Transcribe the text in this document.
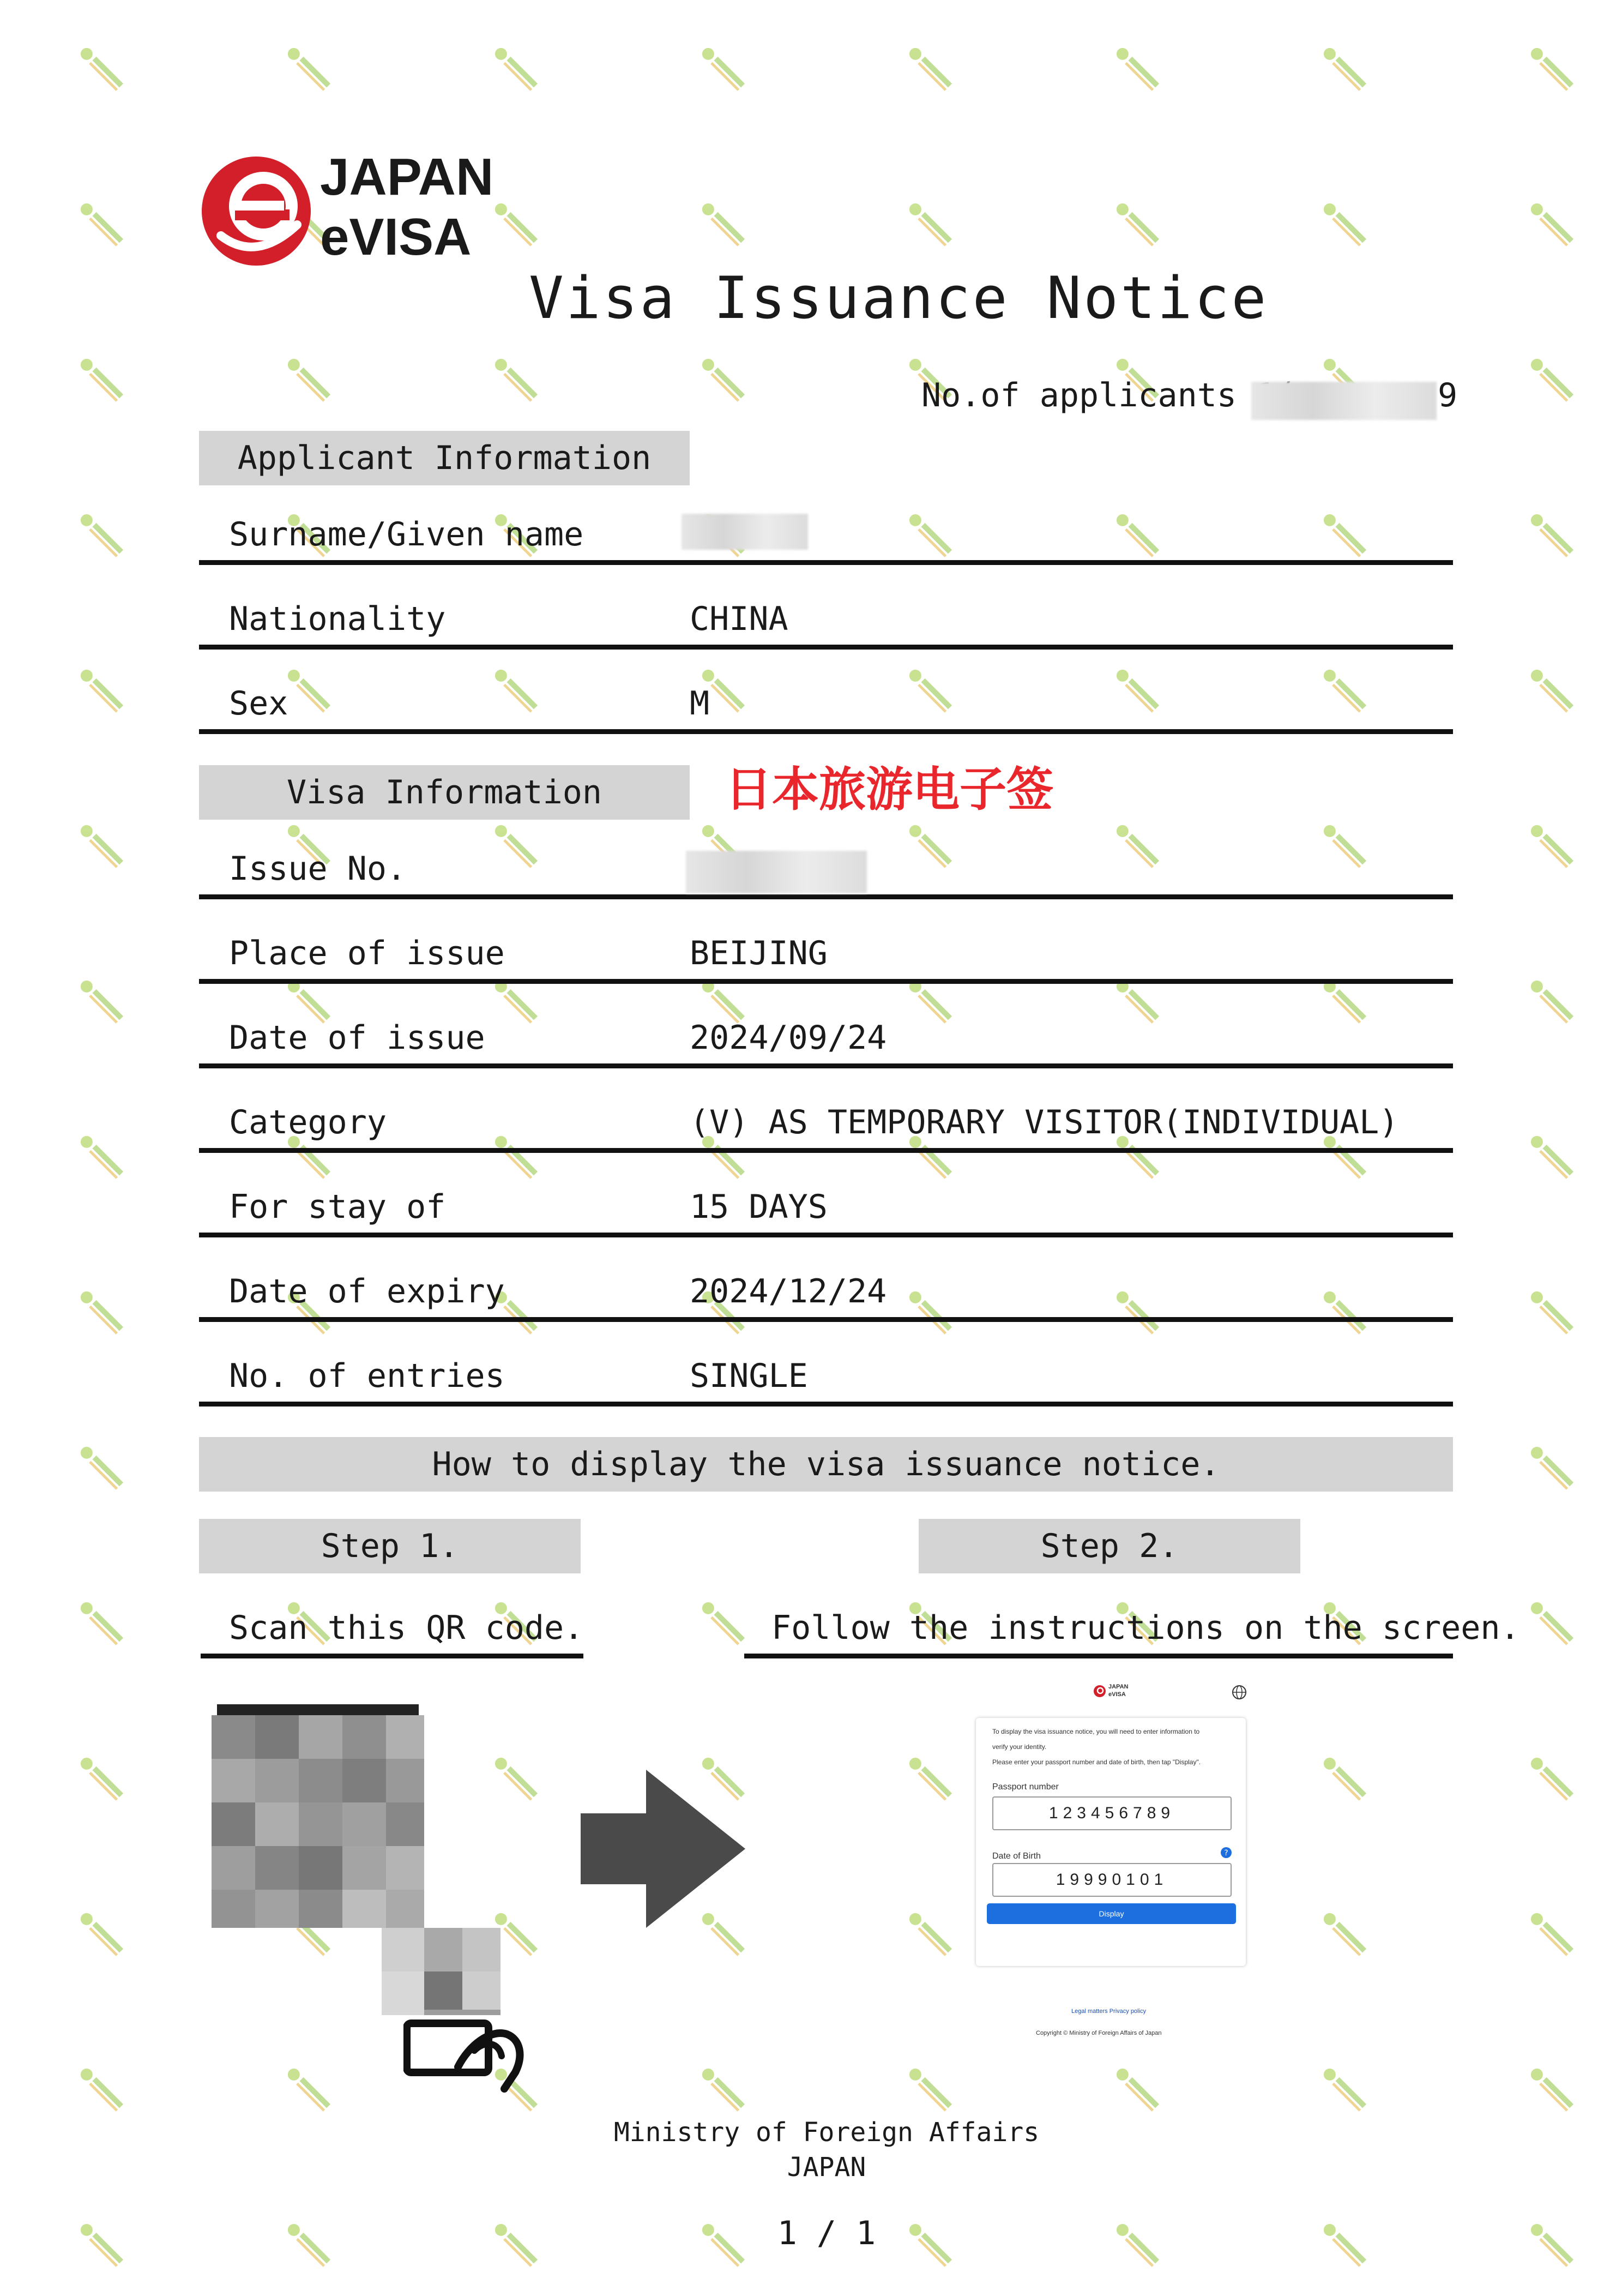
JAPAN
eVISA
Visa Issuance Notice
No.of applicants	9
Applicant Information
Surname/Given name
Nationality	CHINA
Sex	M
Visa Information	日本旅游电子签
Issue No.
Place of issue	BEIJING
Date of issue	2024/09/24
Category	(V) AS TEMPORARY VISITOR(INDIVIDUAL)
For stay of	15 DAYS
Date of expiry	2024/12/24
No. of entries	SINGLE
How to display the visa issuance notice.
Step 1.	Step 2.
Scan this QR code.	Follow the instructions on the screen.
JAPAN
eVISA
To display the visa issuance notice, you will need to enter information to
verify your identity.
Please enter your passport number and date of birth, then tap "Display".
Passport number
123456789
Date of Birth	?
19990101
Display
Legal matters Privacy policy
Copyright © Ministry of Foreign Affairs of Japan
Ministry of Foreign Affairs
JAPAN
1 / 1
